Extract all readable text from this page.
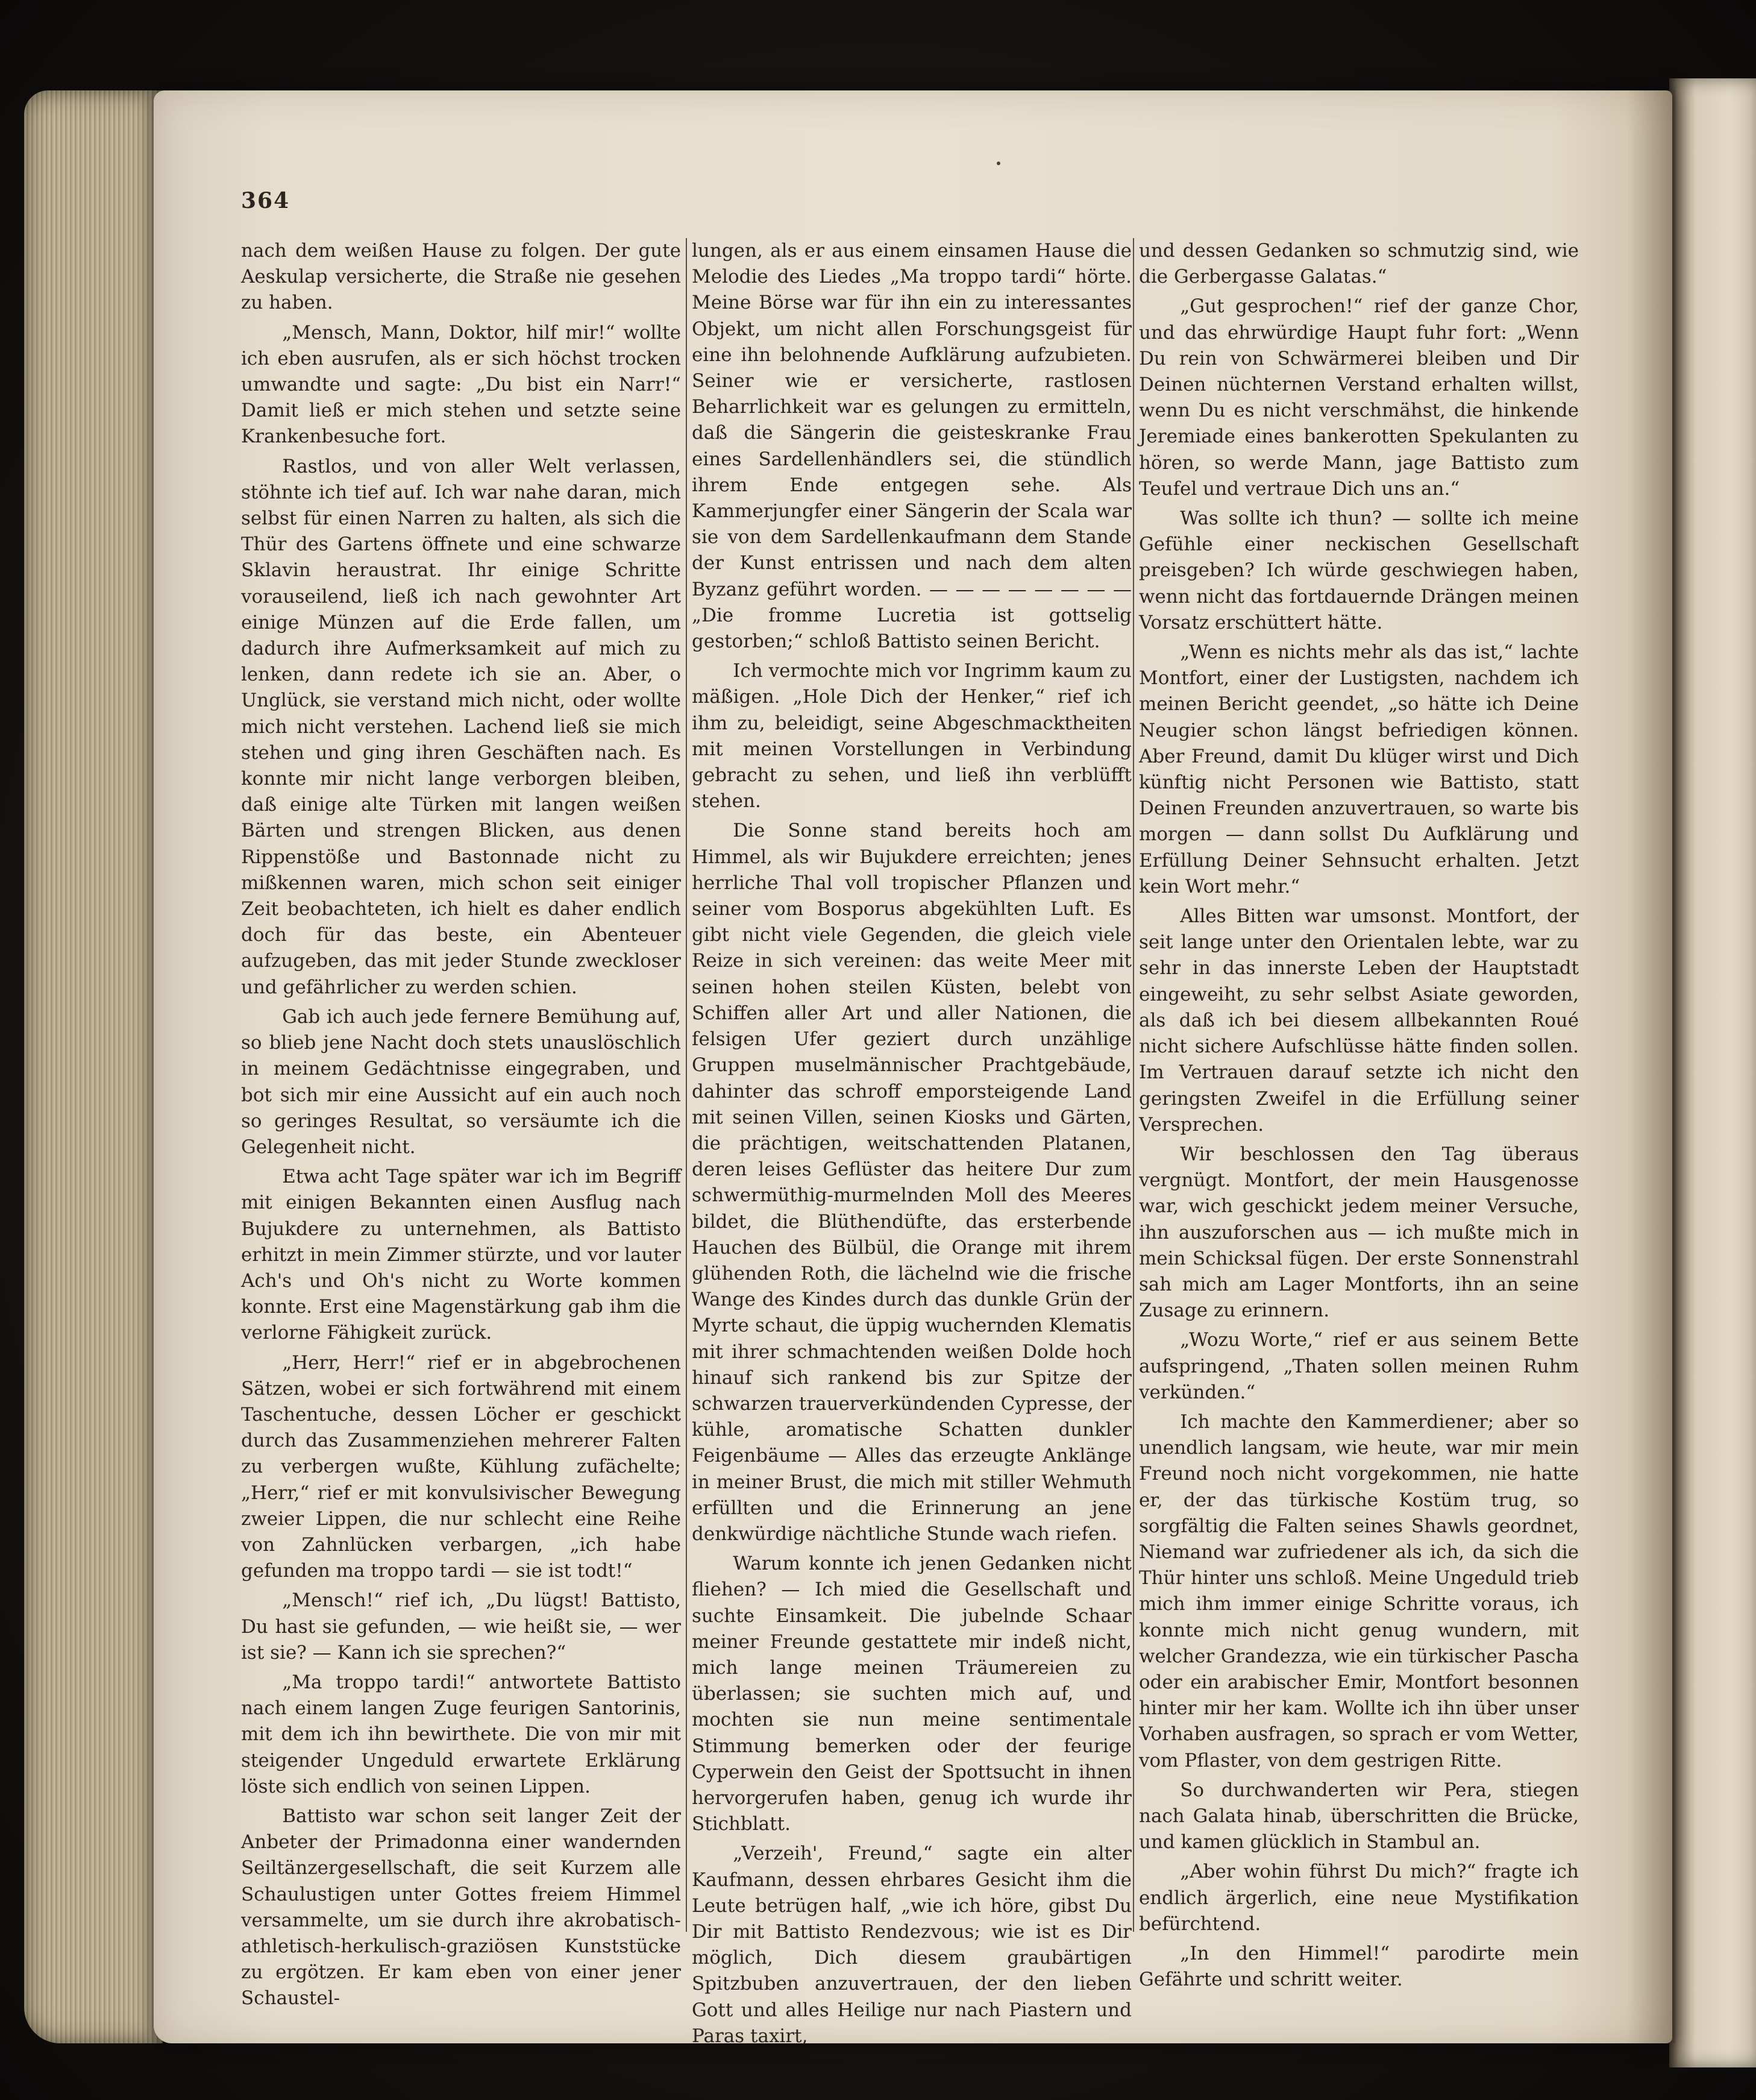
364

nach dem weißen Hause zu folgen. Der gute Aeskulap versicherte, die Straße nie gesehen zu haben.

„Mensch, Mann, Doktor, hilf mir!“ wollte ich eben ausrufen, als er sich höchst trocken umwandte und sagte: „Du bist ein Narr!“ Damit ließ er mich stehen und setzte seine Krankenbesuche fort.

Rastlos, und von aller Welt verlassen, stöhnte ich tief auf. Ich war nahe daran, mich selbst für einen Narren zu halten, als sich die Thür des Gartens öffnete und eine schwarze Sklavin heraustrat. Ihr einige Schritte vorauseilend, ließ ich nach gewohnter Art einige Münzen auf die Erde fallen, um dadurch ihre Aufmerksamkeit auf mich zu lenken, dann redete ich sie an. Aber, o Unglück, sie verstand mich nicht, oder wollte mich nicht verstehen. Lachend ließ sie mich stehen und ging ihren Geschäften nach. Es konnte mir nicht lange verborgen bleiben, daß einige alte Türken mit langen weißen Bärten und strengen Blicken, aus denen Rippenstöße und Bastonnade nicht zu mißkennen waren, mich schon seit einiger Zeit beobachteten, ich hielt es daher endlich doch für das beste, ein Abenteuer aufzugeben, das mit jeder Stunde zweckloser und gefährlicher zu werden schien.

Gab ich auch jede fernere Bemühung auf, so blieb jene Nacht doch stets unauslöschlich in meinem Gedächtnisse eingegraben, und bot sich mir eine Aussicht auf ein auch noch so geringes Resultat, so versäumte ich die Gelegenheit nicht.

Etwa acht Tage später war ich im Begriff mit einigen Bekannten einen Ausflug nach Bujukdere zu unternehmen, als Battisto erhitzt in mein Zimmer stürzte, und vor lauter Ach's und Oh's nicht zu Worte kommen konnte. Erst eine Magenstärkung gab ihm die verlorne Fähigkeit zurück.

„Herr, Herr!“ rief er in abgebrochenen Sätzen, wobei er sich fortwährend mit einem Taschentuche, dessen Löcher er geschickt durch das Zusammenziehen mehrerer Falten zu verbergen wußte, Kühlung zufächelte; „Herr,“ rief er mit konvulsivischer Bewegung zweier Lippen, die nur schlecht eine Reihe von Zahnlücken verbargen, „ich habe gefunden ma troppo tardi — sie ist todt!“

„Mensch!“ rief ich, „Du lügst! Battisto, Du hast sie gefunden, — wie heißt sie, — wer ist sie? — Kann ich sie sprechen?“

„Ma troppo tardi!“ antwortete Battisto nach einem langen Zuge feurigen Santorinis, mit dem ich ihn bewirthete. Die von mir mit steigender Ungeduld erwartete Erklärung löste sich endlich von seinen Lippen.

Battisto war schon seit langer Zeit der Anbeter der Primadonna einer wandernden Seiltänzergesellschaft, die seit Kurzem alle Schaulustigen unter Gottes freiem Himmel versammelte, um sie durch ihre akrobatisch-athletisch-herkulisch-graziösen Kunststücke zu ergötzen. Er kam eben von einer jener Schaustel-

lungen, als er aus einem einsamen Hause die Melodie des Liedes „Ma troppo tardi“ hörte. Meine Börse war für ihn ein zu interessantes Objekt, um nicht allen Forschungsgeist für eine ihn belohnende Aufklärung aufzubieten. Seiner wie er versicherte, rastlosen Beharrlichkeit war es gelungen zu ermitteln, daß die Sängerin die geisteskranke Frau eines Sardellenhändlers sei, die stündlich ihrem Ende entgegen sehe. Als Kammerjungfer einer Sängerin der Scala war sie von dem Sardellenkaufmann dem Stande der Kunst entrissen und nach dem alten Byzanz geführt worden. — — — — — — — — „Die fromme Lucretia ist gottselig gestorben;“ schloß Battisto seinen Bericht.

Ich vermochte mich vor Ingrimm kaum zu mäßigen. „Hole Dich der Henker,“ rief ich ihm zu, beleidigt, seine Abgeschmacktheiten mit meinen Vorstellungen in Verbindung gebracht zu sehen, und ließ ihn verblüfft stehen.

Die Sonne stand bereits hoch am Himmel, als wir Bujukdere erreichten; jenes herrliche Thal voll tropischer Pflanzen und seiner vom Bosporus abgekühlten Luft. Es gibt nicht viele Gegenden, die gleich viele Reize in sich vereinen: das weite Meer mit seinen hohen steilen Küsten, belebt von Schiffen aller Art und aller Nationen, die felsigen Ufer geziert durch unzählige Gruppen muselmännischer Prachtgebäude, dahinter das schroff emporsteigende Land mit seinen Villen, seinen Kiosks und Gärten, die prächtigen, weitschattenden Platanen, deren leises Geflüster das heitere Dur zum schwermüthig-murmelnden Moll des Meeres bildet, die Blüthendüfte, das ersterbende Hauchen des Bülbül, die Orange mit ihrem glühenden Roth, die lächelnd wie die frische Wange des Kindes durch das dunkle Grün der Myrte schaut, die üppig wuchernden Klematis mit ihrer schmachtenden weißen Dolde hoch hinauf sich rankend bis zur Spitze der schwarzen trauerverkündenden Cypresse, der kühle, aromatische Schatten dunkler Feigenbäume — Alles das erzeugte Anklänge in meiner Brust, die mich mit stiller Wehmuth erfüllten und die Erinnerung an jene denkwürdige nächtliche Stunde wach riefen.

Warum konnte ich jenen Gedanken nicht fliehen? — Ich mied die Gesellschaft und suchte Einsamkeit. Die jubelnde Schaar meiner Freunde gestattete mir indeß nicht, mich lange meinen Träumereien zu überlassen; sie suchten mich auf, und mochten sie nun meine sentimentale Stimmung bemerken oder der feurige Cyperwein den Geist der Spottsucht in ihnen hervorgerufen haben, genug ich wurde ihr Stichblatt.

„Verzeih', Freund,“ sagte ein alter Kaufmann, dessen ehrbares Gesicht ihm die Leute betrügen half, „wie ich höre, gibst Du Dir mit Battisto Rendezvous; wie ist es Dir möglich, Dich diesem graubärtigen Spitzbuben anzuvertrauen, der den lieben Gott und alles Heilige nur nach Piastern und Paras taxirt,

und dessen Gedanken so schmutzig sind, wie die Gerbergasse Galatas.“

„Gut gesprochen!“ rief der ganze Chor, und das ehrwürdige Haupt fuhr fort: „Wenn Du rein von Schwärmerei bleiben und Dir Deinen nüchternen Verstand erhalten willst, wenn Du es nicht verschmähst, die hinkende Jeremiade eines bankerotten Spekulanten zu hören, so werde Mann, jage Battisto zum Teufel und vertraue Dich uns an.“

Was sollte ich thun? — sollte ich meine Gefühle einer neckischen Gesellschaft preisgeben? Ich würde geschwiegen haben, wenn nicht das fortdauernde Drängen meinen Vorsatz erschüttert hätte.

„Wenn es nichts mehr als das ist,“ lachte Montfort, einer der Lustigsten, nachdem ich meinen Bericht geendet, „so hätte ich Deine Neugier schon längst befriedigen können. Aber Freund, damit Du klüger wirst und Dich künftig nicht Personen wie Battisto, statt Deinen Freunden anzuvertrauen, so warte bis morgen — dann sollst Du Aufklärung und Erfüllung Deiner Sehnsucht erhalten. Jetzt kein Wort mehr.“

Alles Bitten war umsonst. Montfort, der seit lange unter den Orientalen lebte, war zu sehr in das innerste Leben der Hauptstadt eingeweiht, zu sehr selbst Asiate geworden, als daß ich bei diesem allbekannten Roué nicht sichere Aufschlüsse hätte finden sollen. Im Vertrauen darauf setzte ich nicht den geringsten Zweifel in die Erfüllung seiner Versprechen.

Wir beschlossen den Tag überaus vergnügt. Montfort, der mein Hausgenosse war, wich geschickt jedem meiner Versuche, ihn auszuforschen aus — ich mußte mich in mein Schicksal fügen. Der erste Sonnenstrahl sah mich am Lager Montforts, ihn an seine Zusage zu erinnern.

„Wozu Worte,“ rief er aus seinem Bette aufspringend, „Thaten sollen meinen Ruhm verkünden.“

Ich machte den Kammerdiener; aber so unendlich langsam, wie heute, war mir mein Freund noch nicht vorgekommen, nie hatte er, der das türkische Kostüm trug, so sorgfältig die Falten seines Shawls geordnet, Niemand war zufriedener als ich, da sich die Thür hinter uns schloß. Meine Ungeduld trieb mich ihm immer einige Schritte voraus, ich konnte mich nicht genug wundern, mit welcher Grandezza, wie ein türkischer Pascha oder ein arabischer Emir, Montfort besonnen hinter mir her kam. Wollte ich ihn über unser Vorhaben ausfragen, so sprach er vom Wetter, vom Pflaster, von dem gestrigen Ritte.

So durchwanderten wir Pera, stiegen nach Galata hinab, überschritten die Brücke, und kamen glücklich in Stambul an.

„Aber wohin führst Du mich?“ fragte ich endlich ärgerlich, eine neue Mystifikation befürchtend.

„In den Himmel!“ parodirte mein Gefährte und schritt weiter.
